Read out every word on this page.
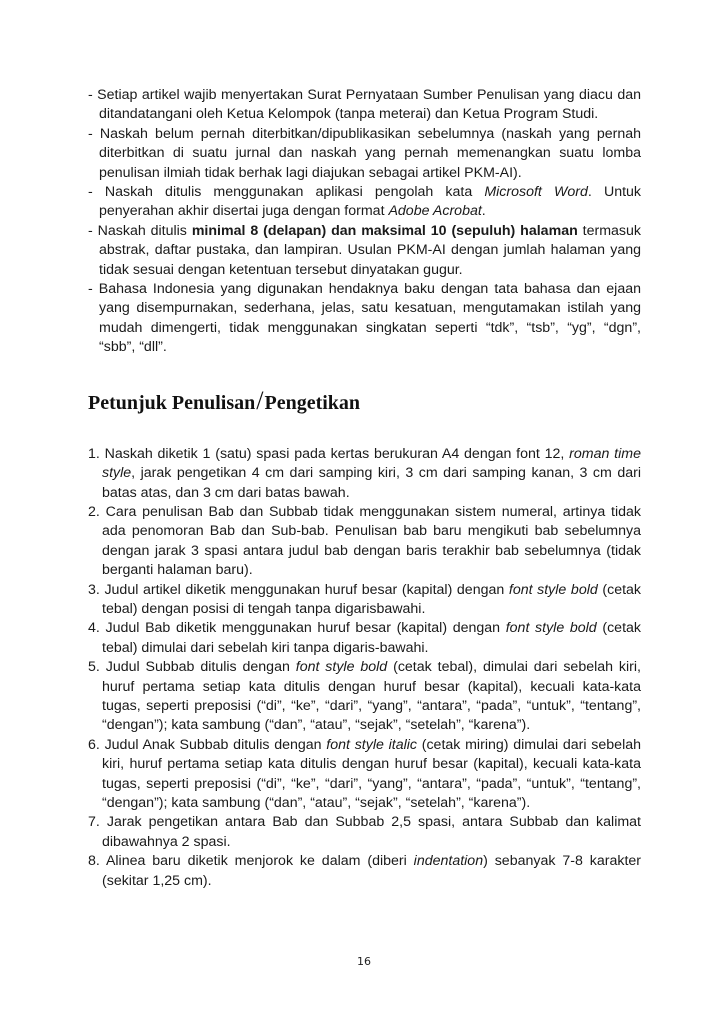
- Setiap artikel wajib menyertakan Surat Pernyataan Sumber Penulisan yang diacu dan ditandatangani oleh Ketua Kelompok (tanpa meterai) dan Ketua Program Studi.

- Naskah belum pernah diterbitkan/dipublikasikan sebelumnya (naskah yang pernah diterbitkan di suatu jurnal dan naskah yang pernah memenangkan suatu lomba penulisan ilmiah tidak berhak lagi diajukan sebagai artikel PKM-AI).

- Naskah ditulis menggunakan aplikasi pengolah kata Microsoft Word. Untuk penyerahan akhir disertai juga dengan format Adobe Acrobat.

- Naskah ditulis minimal 8 (delapan) dan maksimal 10 (sepuluh) halaman termasuk abstrak, daftar pustaka, dan lampiran. Usulan PKM-AI dengan jumlah halaman yang tidak sesuai dengan ketentuan tersebut dinyatakan gugur.

- Bahasa Indonesia yang digunakan hendaknya baku dengan tata bahasa dan ejaan yang disempurnakan, sederhana, jelas, satu kesatuan, mengutamakan istilah yang mudah dimengerti, tidak menggunakan singkatan seperti “tdk”, “tsb”, “yg”, “dgn”, “sbb”, “dll”.

Petunjuk Penulisan/Pengetikan

1. Naskah diketik 1 (satu) spasi pada kertas berukuran A4 dengan font 12, roman time style, jarak pengetikan 4 cm dari samping kiri, 3 cm dari samping kanan, 3 cm dari batas atas, dan 3 cm dari batas bawah.

2. Cara penulisan Bab dan Subbab tidak menggunakan sistem numeral, artinya tidak ada penomoran Bab dan Sub-bab. Penulisan bab baru mengikuti bab sebelumnya dengan jarak 3 spasi antara judul bab dengan baris terakhir bab sebelumnya (tidak berganti halaman baru).

3. Judul artikel diketik menggunakan huruf besar (kapital) dengan font style bold (cetak tebal) dengan posisi di tengah tanpa digarisbawahi.

4. Judul Bab diketik menggunakan huruf besar (kapital) dengan font style bold (cetak tebal) dimulai dari sebelah kiri tanpa digaris-bawahi.

5. Judul Subbab ditulis dengan font style bold (cetak tebal), dimulai dari sebelah kiri, huruf pertama setiap kata ditulis dengan huruf besar (kapital), kecuali kata-kata tugas, seperti preposisi (“di”, “ke”, “dari”, “yang”, “antara”, “pada”, “untuk”, “tentang”, “dengan”); kata sambung (“dan”, “atau”, “sejak”, “setelah”, “karena”).

6. Judul Anak Subbab ditulis dengan font style italic (cetak miring) dimulai dari sebelah kiri, huruf pertama setiap kata ditulis dengan huruf besar (kapital), kecuali kata-kata tugas, seperti preposisi (“di”, “ke”, “dari”, “yang”, “antara”, “pada”, “untuk”, “tentang”, “dengan”); kata sambung (“dan”, “atau”, “sejak”, “setelah”, “karena”).

7. Jarak pengetikan antara Bab dan Subbab 2,5 spasi, antara Subbab dan kalimat dibawahnya 2 spasi.

8. Alinea baru diketik menjorok ke dalam (diberi indentation) sebanyak 7-8 karakter (sekitar 1,25 cm).

16
